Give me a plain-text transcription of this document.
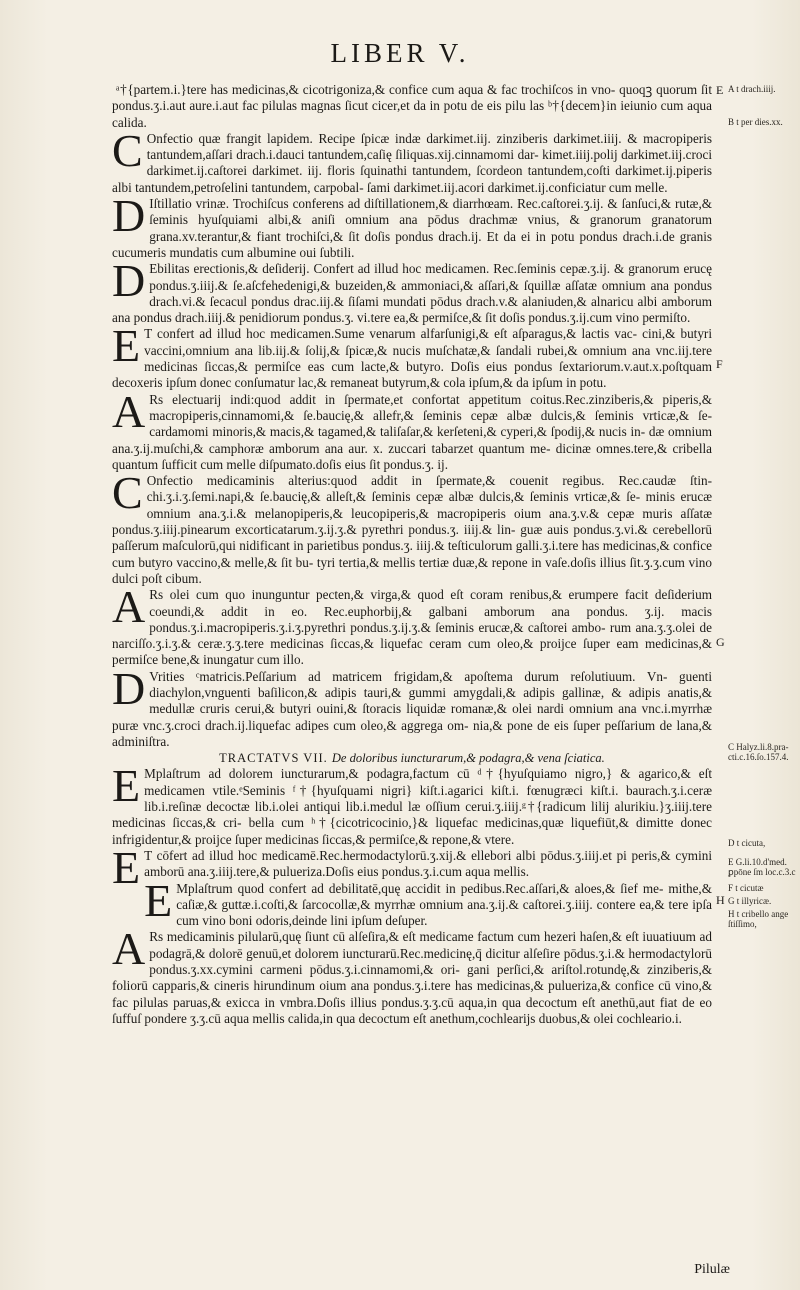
LIBER V.

ᵃ†{partem.i.}tere has medicinas,& cicotrigoniza,& confice cum aqua & fac trochiſcos in vno- quoqꝫ quorum ſit pondus.ʒ.i.aut aure.i.aut fac pilulas magnas ſicut cicer,et da in potu de eis pilu las ᵇ†{decem}in ieiunio cum aqua calida.

C Onfectio quæ frangit lapidem. Recipe ſpicæ indæ darkimet.iij. zinziberis darkimet.iiij. & macropiperis tantundem,aſſari drach.i.dauci tantundem,caſię ſiliquas.xij.cinnamomi dar- kimet.iiij.polij darkimet.iij.croci darkimet.ij.caſtorei darkimet. iij. floris ſquinathi tantundem, ſcordeon tantundem,coſti darkimet.ij.piperis albi tantundem,petroſelini tantundem, carpobal- ſami darkimet.iij.acori darkimet.ij.conficiatur cum melle.

D Iſtillatio vrinæ. Trochiſcus conferens ad diſtillationem,& diarrhœam. Rec.caſtorei.ʒ.ij. & ſanſuci,& rutæ,& ſeminis hyuſquiami albi,& aniſi omnium ana pōdus drachmæ vnius, & granorum granatorum grana.xv.terantur,& fiant trochiſci,& ſit doſis pondus drach.ij. Et da ei in potu pondus drach.i.de granis cucumeris mundatis cum albumine oui ſubtili.

D Ebilitas erectionis,& deſiderij. Confert ad illud hoc medicamen. Rec.ſeminis cepæ.ʒ.ij. & granorum erucę pondus.ʒ.iiij.& ſe.aſcfehedenigi,& buzeiden,& ammoniaci,& aſſari,& ſquillæ aſſatæ omnium ana pondus drach.vi.& ſecacul pondus drac.iij.& ſiſami mundati pōdus drach.v.& alaniuden,& alnaricu albi amborum ana pondus drach.iiij.& penidiorum pondus.ʒ. vi.tere ea,& permiſce,& ſit doſis pondus.ʒ.ij.cum vino permiſto.

E T confert ad illud hoc medicamen.Sume venarum alfarſunigi,& eſt aſparagus,& lactis vac- cini,& butyri vaccini,omnium ana lib.iij.& ſolij,& ſpicæ,& nucis muſchatæ,& ſandali rubei,& omnium ana vnc.iij.tere medicinas ſiccas,& permiſce eas cum lacte,& butyro. Doſis eius pondus ſextariorum.v.aut.x.poſtquam decoxeris ipſum donec conſumatur lac,& remaneat butyrum,& cola ipſum,& da ipſum in potu.

A Rs electuarij indi:quod addit in ſpermate,et confortat appetitum coitus.Rec.zinziberis,& piperis,& macropiperis,cinnamomi,& ſe.baucię,& allefr,& ſeminis cepæ albæ dulcis,& ſeminis vrticæ,& ſe- cardamomi minoris,& macis,& tagamed,& taliſaſar,& kerſeteni,& cyperi,& ſpodij,& nucis in- dæ omnium ana.ʒ.ij.muſchi,& camphoræ amborum ana aur. x. zuccari tabarzet quantum me- dicinæ omnes.tere,& cribella quantum ſufficit cum melle diſpumato.doſis eius ſit pondus.ʒ. ij.

C Onfectio medicaminis alterius:quod addit in ſpermate,& couenit regibus. Rec.caudæ ſtin- chi.ʒ.i.ʒ.ſemi.napi,& ſe.baucię,& alleſt,& ſeminis cepæ albæ dulcis,& ſeminis vrticæ,& ſe- minis erucæ omnium ana.ʒ.i.& melanopiperis,& leucopiperis,& macropiperis oium ana.ʒ.v.& cepæ muris aſſatæ pondus.ʒ.iiij.pinearum excorticatarum.ʒ.ij.ʒ.& pyrethri pondus.ʒ. iiij.& lin- guæ auis pondus.ʒ.vi.& cerebellorū paſſerum maſculorū,qui nidificant in parietibus pondus.ʒ. iiij.& teſticulorum galli.ʒ.i.tere has medicinas,& confice cum butyro vaccino,& melle,& ſit bu- tyri tertia,& mellis tertiæ duæ,& repone in vaſe.doſis illius ſit.ʒ.ʒ.cum vino dulci poſt cibum.

A Rs olei cum quo inunguntur pecten,& virga,& quod eſt coram renibus,& erumpere facit deſiderium coeundi,& addit in eo. Rec.euphorbij,& galbani amborum ana pondus. ʒ.ij. macis pondus.ʒ.i.macropiperis.ʒ.i.ʒ.pyrethri pondus.ʒ.ij.ʒ.& ſeminis erucæ,& caſtorei ambo- rum ana.ʒ.ʒ.olei de narciſſo.ʒ.i.ʒ.& ceræ.ʒ.ʒ.tere medicinas ſiccas,& liquefac ceram cum oleo,& proijce ſuper eam medicinas,& permiſce bene,& inungatur cum illo.

D Vrities ᶜmatricis.Peſſarium ad matricem frigidam,& apoſtema durum reſolutiuum. Vn- guenti diachylon,vnguenti baſilicon,& adipis tauri,& gummi amygdali,& adipis gallinæ, & adipis anatis,& medullæ cruris cerui,& butyri ouini,& ſtoracis liquidæ romanæ,& olei nardi omnium ana vnc.i.myrrhæ puræ vnc.ʒ.croci drach.ij.liquefac adipes cum oleo,& aggrega om- nia,& pone de eis ſuper peſſarium de lana,& adminiſtra.

TRACTATVS VII. De doloribus iuncturarum,& podagra,& vena ſciatica.

E Mplaſtrum ad dolorem iuncturarum,& podagra,factum cū ᵈ†{hyuſquiamo nigro,} & agarico,& eſt medicamen vtile.ᵉSeminis ᶠ†{hyuſquami nigri} kiſt.i.agarici kiſt.i. fœnugræci kiſt.i. baurach.ʒ.i.ceræ lib.i.reſinæ decoctæ lib.i.olei antiqui lib.i.medul læ oſſium cerui.ʒ.iiij.ᵍ†{radicum lilij alurikiu.}ʒ.iiij.tere medicinas ſiccas,& cri- bella cum ʰ†{cicotricocinio,}& liquefac medicinas,quæ liquefiūt,& dimitte donec infrigidentur,& proijce ſuper medicinas ſiccas,& permiſce,& repone,& vtere.

E T cōfert ad illud hoc medicamē.Rec.hermodactylorū.ʒ.xij.& ellebori albi pōdus.ʒ.iiij.et pi peris,& cymini amborū ana.ʒ.iiij.tere,& pulueriza.Doſis eius pondus.ʒ.i.cum aqua mellis.

E Mplaſtrum quod confert ad debilitatē,quę accidit in pedibus.Rec.aſſari,& aloes,& ſief me- mithe,& caſiæ,& guttæ.i.coſti,& ſarcocollæ,& myrrhæ omnium ana.ʒ.ij.& caſtorei.ʒ.iiij. contere ea,& tere ipſa cum vino boni odoris,deinde lini ipſum deſuper.

A Rs medicaminis pilularū,quę ſiunt cū alſeſira,& eſt medicame factum cum hezeri haſen,& eſt iuuatiuum ad podagrā,& dolorē genuū,et dolorem iuncturarū.Rec.medicinę,q̄ dicitur alſeſire pōdus.ʒ.i.& hermodactylorū pondus.ʒ.xx.cymini carmeni pōdus.ʒ.i.cinnamomi,& ori- gani perſici,& ariſtol.rotundę,& zinziberis,& foliorū capparis,& cineris hirundinum oium ana pondus.ʒ.i.tere has medicinas,& pulueriza,& confice cū vino,& fac pilulas paruas,& exicca in vmbra.Doſis illius pondus.ʒ.ʒ.cū aqua,in qua decoctum eſt anethū,aut fiat de eo ſuffuſ pondere ʒ.ʒ.cū aqua mellis calida,in qua decoctum eſt anethum,cochlearijs duobus,& olei cochleario.i.

E A t drach.iiij.
B t per dies.xx.
F
G
C Halyz.li.8.pra- cti.c.16.ſo.157.4.
D t cicuta,
E G.li.10.d'med. ꝑpōne ſm loc.c.3.c
F t cicutæ
H G t illyricæ.
H t cribello ange ſtiſſimo,
Pilulæ
